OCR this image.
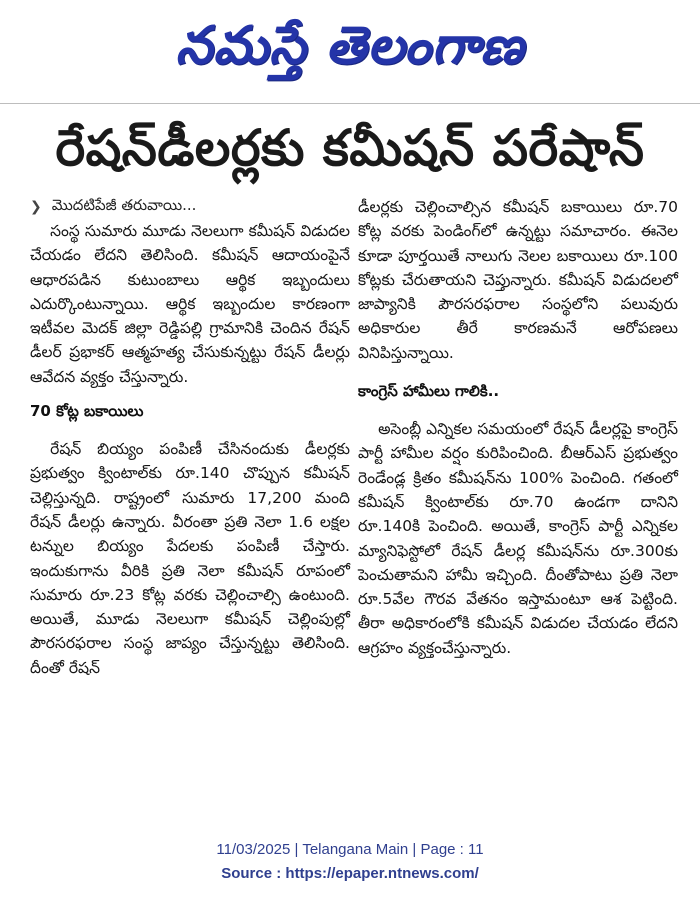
నమస్తే తెలంగాణ
రేషన్‌డీలర్లకు కమీషన్ పరేషాన్
❯ మొదటిపేజీ తరువాయి...

సంస్థ సుమారు మూడు నెలలుగా కమీషన్ విడుదల చేయడం లేదని తెలిసింది. కమీషన్ ఆదాయంపైనే ఆధారపడిన కుటుంబాలు ఆర్థిక ఇబ్బందులు ఎదుర్కొంటున్నాయి. ఆర్థిక ఇబ్బందుల కారణంగా ఇటీవల మెదక్ జిల్లా రెడ్డిపల్లి గ్రామానికి చెందిన రేషన్ డీలర్ ప్రభాకర్ ఆత్మహత్య చేసుకున్నట్టు రేషన్ డీలర్లు ఆవేదన వ్యక్తం చేస్తున్నారు.

70 కోట్ల బకాయిలు

రేషన్ బియ్యం పంపిణీ చేసినందుకు డీలర్లకు ప్రభుత్వం క్వింటాల్‌కు రూ.140 చొప్పున కమీషన్ చెల్లిస్తున్నది. రాష్ట్రంలో సుమారు 17,200 మంది రేషన్ డీలర్లు ఉన్నారు. వీరంతా ప్రతి నెలా 1.6 లక్షల టన్నుల బియ్యం పేదలకు పంపిణీ చేస్తారు. ఇందుకుగాను వీరికి ప్రతి నెలా కమీషన్ రూపంలో సుమారు రూ.23 కోట్ల వరకు చెల్లించాల్సి ఉంటుంది. అయితే, మూడు నెలలుగా కమీషన్ చెల్లింపుల్లో పౌరసరఫరాల సంస్థ జాప్యం చేస్తున్నట్టు తెలిసింది. దీంతో రేషన్

డీలర్లకు చెల్లించాల్సిన కమీషన్ బకాయిలు రూ.70 కోట్ల వరకు పెండింగ్‌లో ఉన్నట్టు సమాచారం. ఈనెల కూడా పూర్తయితే నాలుగు నెలల బకాయిలు రూ.100 కోట్లకు చేరుతాయని చెప్తున్నారు. కమీషన్ విడుదలలో జాప్యానికి పౌరసరఫరాల సంస్థలోని పలువురు అధికారుల తీరే కారణమనే ఆరోపణలు వినిపిస్తున్నాయి.

కాంగ్రెస్ హామీలు గాలికి..

అసెంబ్లీ ఎన్నికల సమయంలో రేషన్ డీలర్లపై కాంగ్రెస్ పార్టీ హామీల వర్షం కురిపించింది. బీఆర్ఎస్ ప్రభుత్వం రెండేండ్ల క్రితం కమీషన్‌ను 100% పెంచింది. గతంలో కమీషన్ క్వింటాల్‌కు రూ.70 ఉండగా దానిని రూ.140కి పెంచింది. అయితే, కాంగ్రెస్ పార్టీ ఎన్నికల మ్యానిఫెస్టోలో రేషన్ డీలర్ల కమీషన్‌ను రూ.300కు పెంచుతామని హామీ ఇచ్చింది. దీంతోపాటు ప్రతి నెలా రూ.5వేల గౌరవ వేతనం ఇస్తామంటూ ఆశ పెట్టింది. తీరా అధికారంలోకి కమీషన్ విడుదల చేయడం లేదని ఆగ్రహం వ్యక్తంచేస్తున్నారు.

11/03/2025 | Telangana Main | Page : 11
Source : https://epaper.ntnews.com/
